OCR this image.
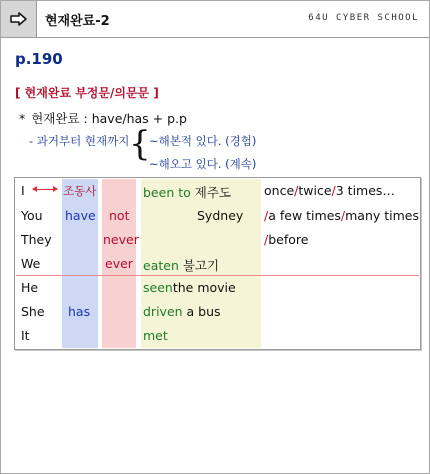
현재완료-2	64U CYBER SCHOOL
p.190
[ 현재완료 부정문/의문문 ]
* 현재완료 : have/has + p.p
- 과거부터 현재까지 {
~해본적 있다. (경험)
~해오고 있다. (계속)
I
You
They
We
He
She
It
조동사
have
has
not
never
ever
been to 제주도
Sydney
eaten 불고기
seenthe movie
driven a bus
met
once/twice/3 times…
/a few times/many times
/before
